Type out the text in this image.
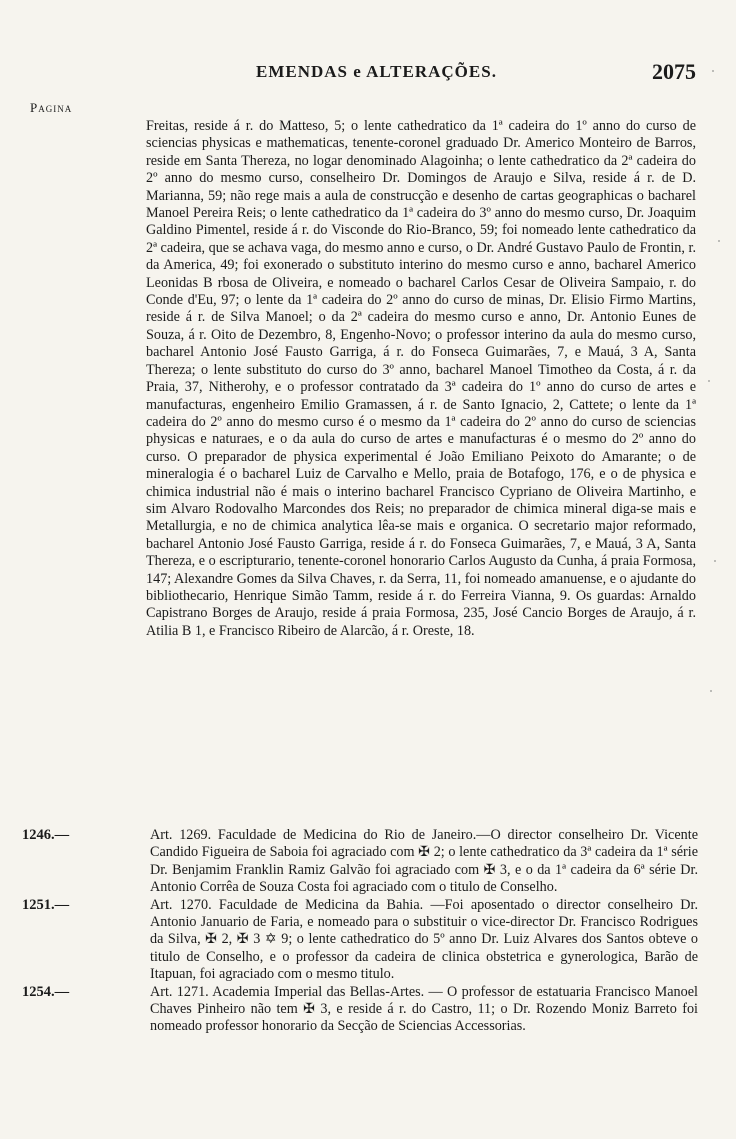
EMENDAS e ALTERAÇÕES.	2075
Pagina

Freitas, reside á r. do Matteso, 5; o lente cathedratico da 1ª cadeira do 1º anno do curso de sciencias physicas e mathematicas, tenente-coronel graduado Dr. Americo Monteiro de Barros, reside em Santa Thereza, no logar denominado Alagoinha; o lente cathedratico da 2ª cadeira do 2º anno do mesmo curso, conselheiro Dr. Domingos de Araujo e Silva, reside á r. de D. Marianna, 59; não rege mais a aula de construcção e desenho de cartas geographicas o bacharel Manoel Pereira Reis; o lente cathedratico da 1ª cadeira do 3º anno do mesmo curso, Dr. Joaquim Galdino Pimentel, reside á r. do Visconde do Rio-Branco, 59; foi nomeado lente cathedratico da 2ª cadeira, que se achava vaga, do mesmo anno e curso, o Dr. André Gustavo Paulo de Frontin, r. da America, 49; foi exonerado o substituto interino do mesmo curso e anno, bacharel Americo Leonidas B rbosa de Oliveira, e nomeado o bacharel Carlos Cesar de Oliveira Sampaio, r. do Conde d'Eu, 97; o lente da 1ª cadeira do 2º anno do curso de minas, Dr. Elisio Firmo Martins, reside á r. de Silva Manoel; o da 2ª cadeira do mesmo curso e anno, Dr. Antonio Eunes de Souza, á r. Oito de Dezembro, 8, Engenho-Novo; o professor interino da aula do mesmo curso, bacharel Antonio José Fausto Garriga, á r. do Fonseca Guimarães, 7, e Mauá, 3 A, Santa Thereza; o lente substituto do curso do 3º anno, bacharel Manoel Timotheo da Costa, á r. da Praia, 37, Nitherohy, e o professor contratado da 3ª cadeira do 1º anno do curso de artes e manufacturas, engenheiro Emilio Gramassen, á r. de Santo Ignacio, 2, Cattete; o lente da 1ª cadeira do 2º anno do mesmo curso é o mesmo da 1ª cadeira do 2º anno do curso de sciencias physicas e naturaes, e o da aula do curso de artes e manufacturas é o mesmo do 2º anno do curso. O preparador de physica experimental é João Emiliano Peixoto do Amarante; o de mineralogia é o bacharel Luiz de Carvalho e Mello, praia de Botafogo, 176, e o de physica e chimica industrial não é mais o interino bacharel Francisco Cypriano de Oliveira Martinho, e sim Alvaro Rodovalho Marcondes dos Reis; no preparador de chimica mineral diga-se mais e Metallurgia, e no de chimica analytica lêa-se mais e organica. O secretario major reformado, bacharel Antonio José Fausto Garriga, reside á r. do Fonseca Guimarães, 7, e Mauá, 3 A, Santa Thereza, e o escripturario, tenente-coronel honorario Carlos Augusto da Cunha, á praia Formosa, 147; Alexandre Gomes da Silva Chaves, r. da Serra, 11, foi nomeado amanuense, e o ajudante do bibliothecario, Henrique Simão Tamm, reside á r. do Ferreira Vianna, 9. Os guardas: Arnaldo Capistrano Borges de Araujo, reside á praia Formosa, 235, José Cancio Borges de Araujo, á r. Atilia B 1, e Francisco Ribeiro de Alarcão, á r. Oreste, 18.

1246.—	Art. 1269. Faculdade de Medicina do Rio de Janeiro.—O director conselheiro Dr. Vicente Candido Figueira de Saboia foi agraciado com ✠ 2; o lente cathedratico da 3ª cadeira da 1ª série Dr. Benjamim Franklin Ramiz Galvão foi agraciado com ✠ 3, e o da 1ª cadeira da 6ª série Dr. Antonio Corrêa de Souza Costa foi agraciado com o titulo de Conselho.
1251.—	Art. 1270. Faculdade de Medicina da Bahia. —Foi aposentado o director conselheiro Dr. Antonio Januario de Faria, e nomeado para o substituir o vice-director Dr. Francisco Rodrigues da Silva, ✠ 2, ✠ 3 ✡ 9; o lente cathedratico do 5º anno Dr. Luiz Alvares dos Santos obteve o titulo de Conselho, e o professor da cadeira de clinica obstetrica e gynerologica, Barão de Itapuan, foi agraciado com o mesmo titulo.
1254.—	Art. 1271. Academia Imperial das Bellas-Artes. — O professor de estatuaria Francisco Manoel Chaves Pinheiro não tem ✠ 3, e reside á r. do Castro, 11; o Dr. Rozendo Moniz Barreto foi nomeado professor honorario da Secção de Sciencias Accessorias.
